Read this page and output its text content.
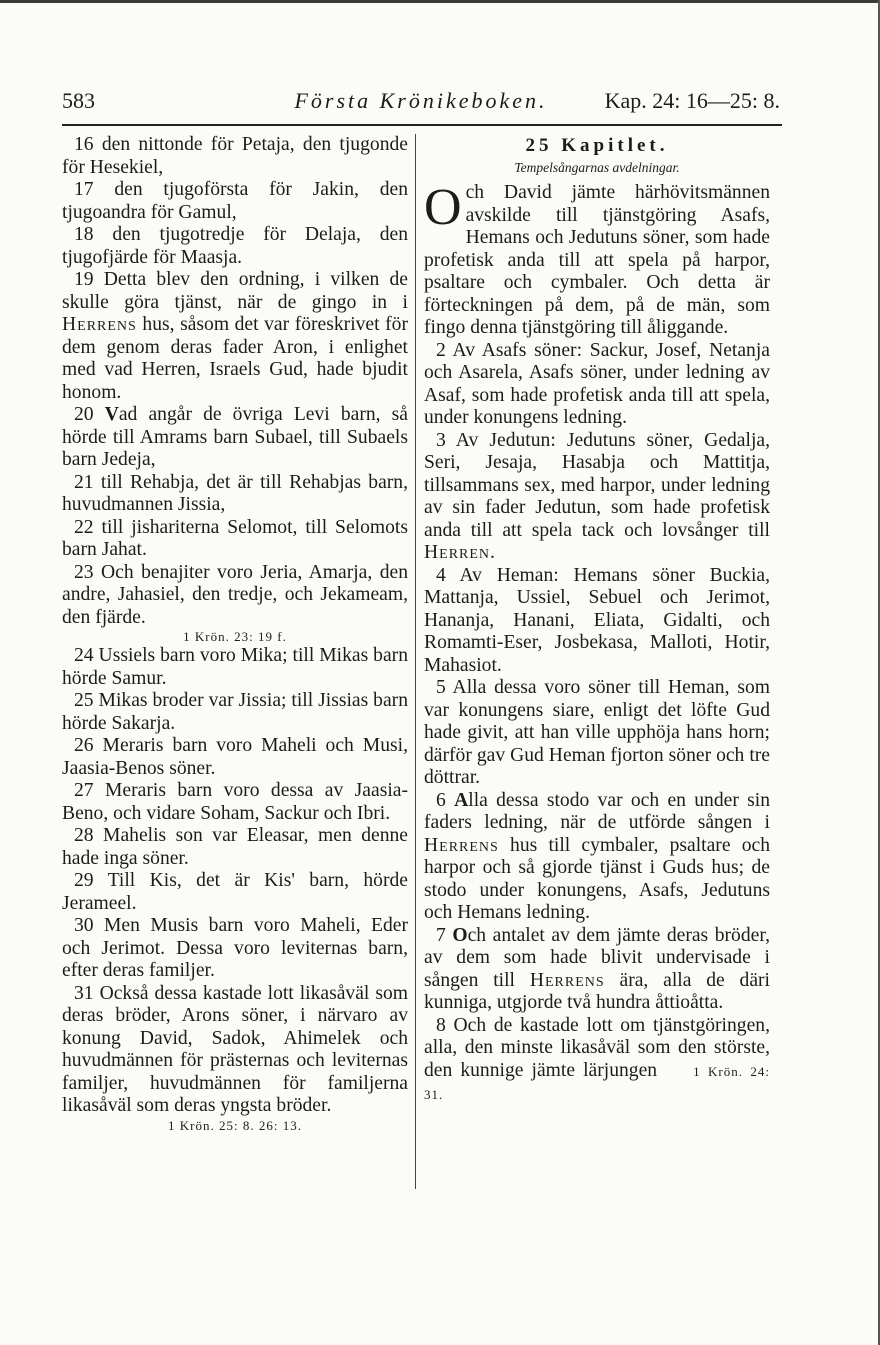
583	Första Krönikeboken.	Kap. 24: 16—25: 8.

16 den nittonde för Petaja, den tjugonde för Hesekiel,

17 den tjugoförsta för Jakin, den tjugoandra för Gamul,

18 den tjugotredje för Delaja, den tjugofjärde för Maasja.

19 Detta blev den ordning, i vilken de skulle göra tjänst, när de gingo in i Herrens hus, såsom det var föreskrivet för dem genom deras fader Aron, i enlighet med vad Herren, Israels Gud, hade bjudit honom.

20 Vad angår de övriga Levi barn, så hörde till Amrams barn Subael, till Subaels barn Jedeja,

21 till Rehabja, det är till Rehabjas barn, huvudmannen Jissia,

22 till jishariterna Selomot, till Selomots barn Jahat.

23 Och benajiter voro Jeria, Amarja, den andre, Jahasiel, den tredje, och Jekameam, den fjärde.

1 Krön. 23: 19 f.

24 Ussiels barn voro Mika; till Mikas barn hörde Samur.

25 Mikas broder var Jissia; till Jissias barn hörde Sakarja.

26 Meraris barn voro Maheli och Musi, Jaasia-Benos söner.

27 Meraris barn voro dessa av Jaasia-Beno, och vidare Soham, Sackur och Ibri.

28 Mahelis son var Eleasar, men denne hade inga söner.

29 Till Kis, det är Kis' barn, hörde Jerameel.

30 Men Musis barn voro Maheli, Eder och Jerimot. Dessa voro leviternas barn, efter deras familjer.

31 Också dessa kastade lott likasåväl som deras bröder, Arons söner, i närvaro av konung David, Sadok, Ahimelek och huvudmännen för prästernas och leviternas familjer, huvudmännen för familjerna likasåväl som deras yngsta bröder.

1 Krön. 25: 8. 26: 13.
25 Kapitlet.
Tempelsångarnas avdelningar.

Och David jämte härhövitsmännen avskilde till tjänstgöring Asafs, Hemans och Jedutuns söner, som hade profetisk anda till att spela på harpor, psaltare och cymbaler. Och detta är förteckningen på dem, på de män, som fingo denna tjänstgöring till åliggande.

2 Av Asafs söner: Sackur, Josef, Netanja och Asarela, Asafs söner, under ledning av Asaf, som hade profetisk anda till att spela, under konungens ledning.

3 Av Jedutun: Jedutuns söner, Gedalja, Seri, Jesaja, Hasabja och Mattitja, tillsammans sex, med harpor, under ledning av sin fader Jedutun, som hade profetisk anda till att spela tack och lovsånger till Herren.

4 Av Heman: Hemans söner Buckia, Mattanja, Ussiel, Sebuel och Jerimot, Hananja, Hanani, Eliata, Gidalti, och Romamti-Eser, Josbekasa, Malloti, Hotir, Mahasiot.

5 Alla dessa voro söner till Heman, som var konungens siare, enligt det löfte Gud hade givit, att han ville upphöja hans horn; därför gav Gud Heman fjorton söner och tre döttrar.

6 Alla dessa stodo var och en under sin faders ledning, när de utförde sången i Herrens hus till cymbaler, psaltare och harpor och så gjorde tjänst i Guds hus; de stodo under konungens, Asafs, Jedutuns och Hemans ledning.

7 Och antalet av dem jämte deras bröder, av dem som hade blivit undervisade i sången till Herrens ära, alla de däri kunniga, utgjorde två hundra åttioåtta.

8 Och de kastade lott om tjänstgöringen, alla, den minste likasåväl som den störste, den kunnige jämte lärjungen	1 Krön. 24: 31.
